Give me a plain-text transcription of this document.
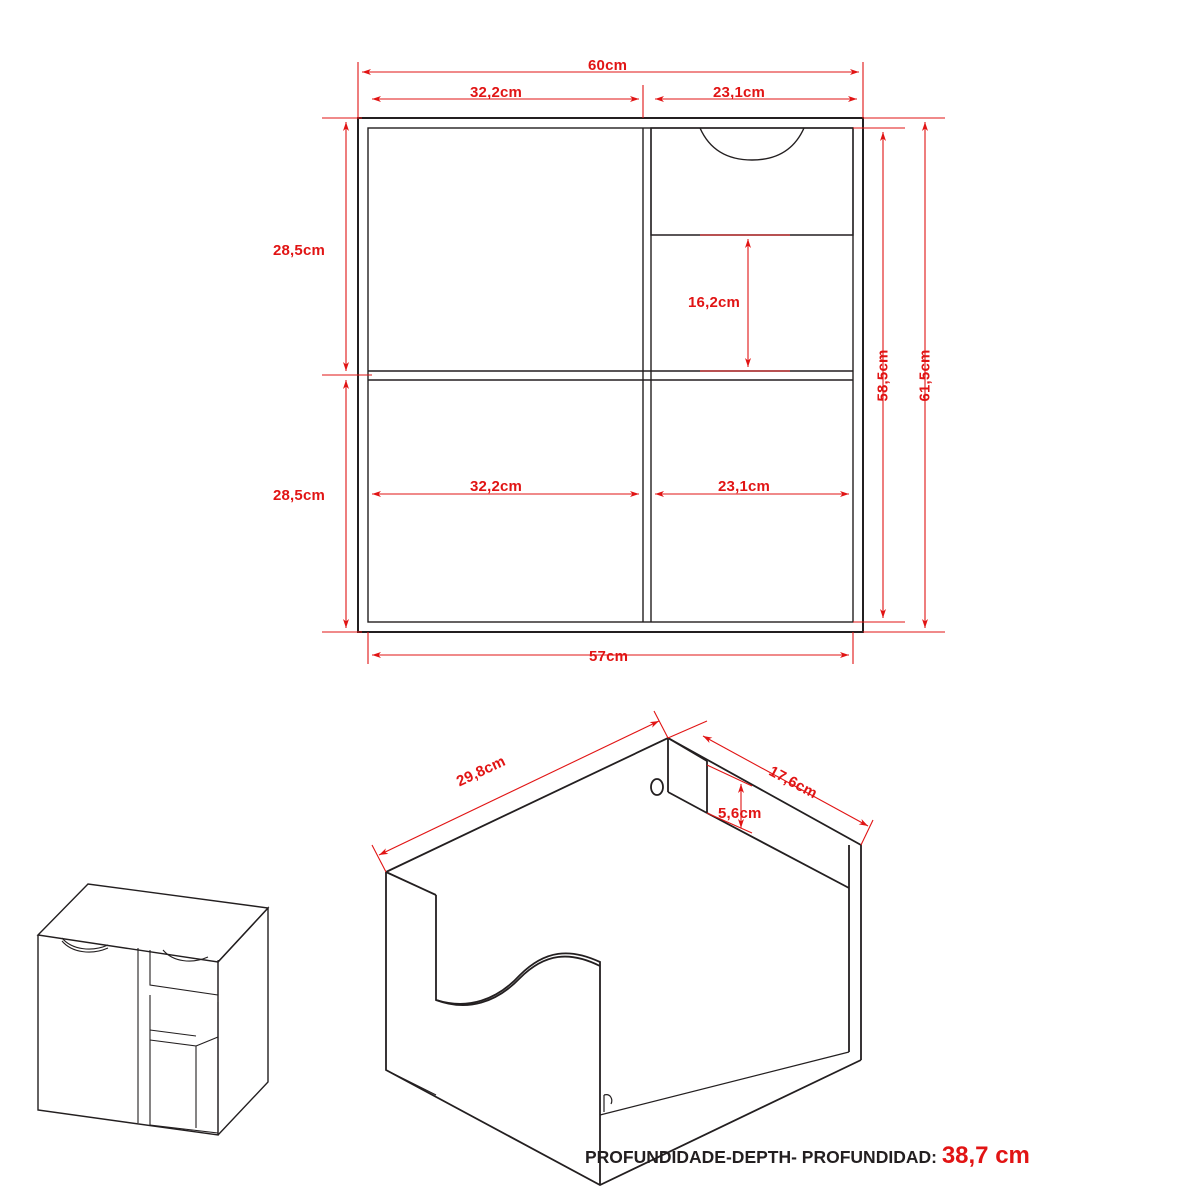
60cm
32,2cm	23,1cm
28,5cm
28,5cm
16,2cm
58,5cm 61,5cm
32,2cm	23,1cm
57cm
29,8cm	17,6cm
5,6cm
PROFUNDIDADE-DEPTH- PROFUNDIDAD: 38,7 cm
